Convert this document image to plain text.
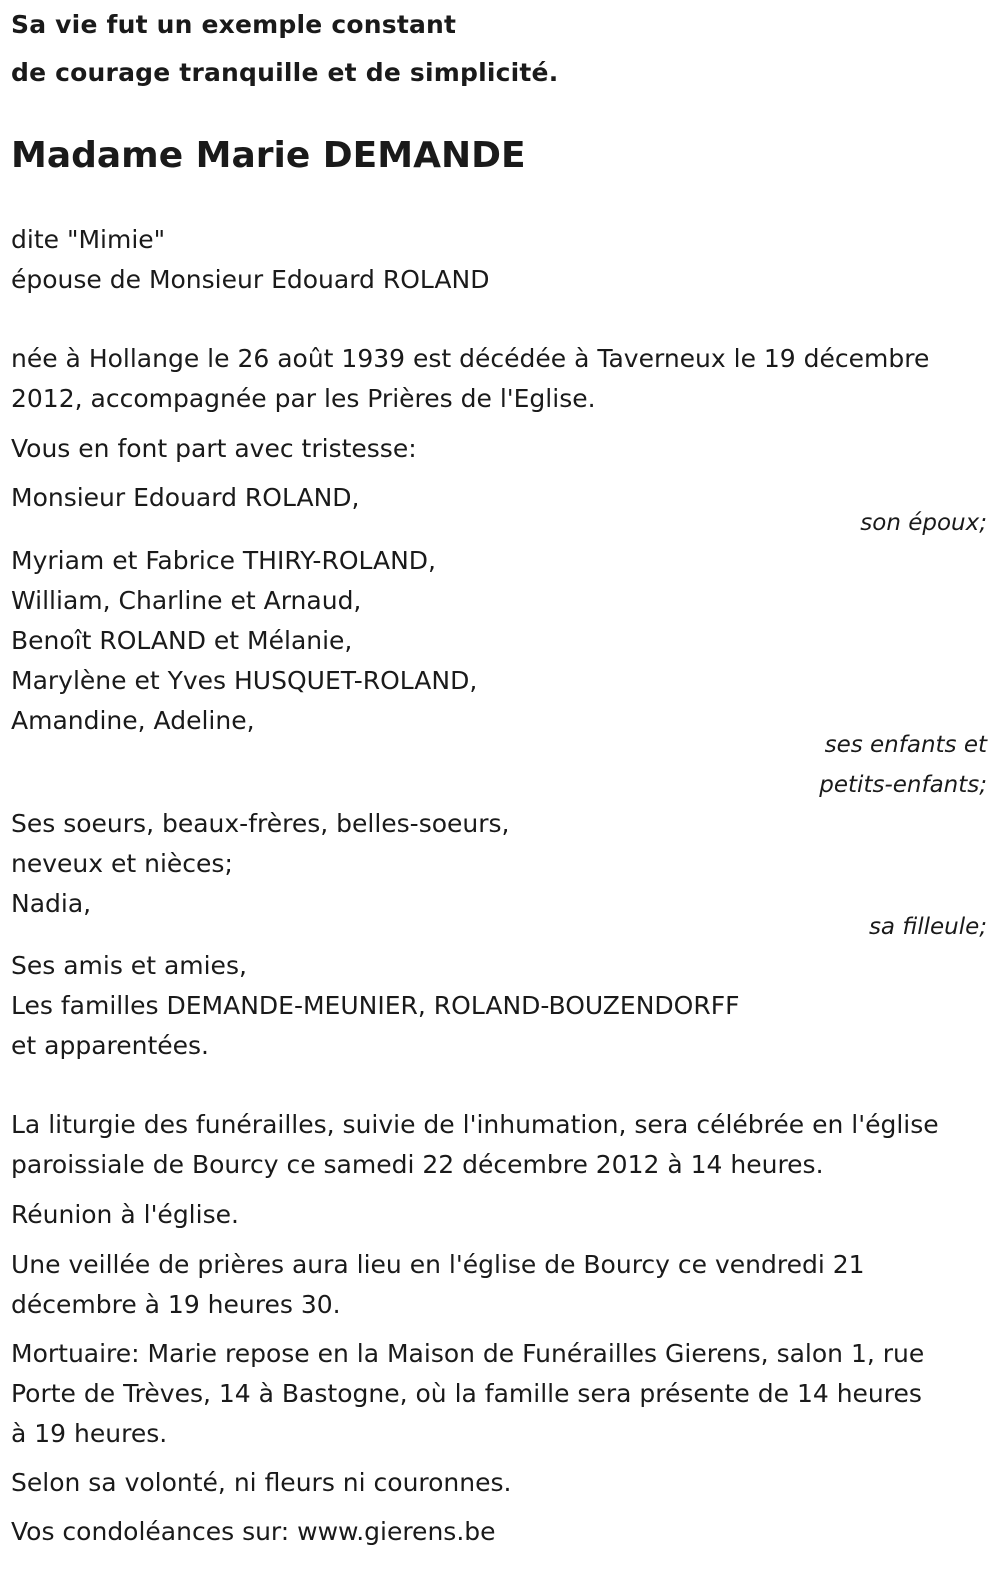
Sa vie fut un exemple constant
de courage tranquille et de simplicité.
Madame Marie DEMANDE
dite "Mimie"
épouse de Monsieur Edouard ROLAND
née à Hollange le 26 août 1939 est décédée à Taverneux le 19 décembre
2012, accompagnée par les Prières de l'Eglise.
Vous en font part avec tristesse:
Monsieur Edouard ROLAND,
son époux;
Myriam et Fabrice THIRY-ROLAND,
William, Charline et Arnaud,
Benoît ROLAND et Mélanie,
Marylène et Yves HUSQUET-ROLAND,
Amandine, Adeline,
ses enfants et
petits-enfants;
Ses soeurs, beaux-frères, belles-soeurs,
neveux et nièces;
Nadia,
sa filleule;
Ses amis et amies,
Les familles DEMANDE-MEUNIER, ROLAND-BOUZENDORFF
et apparentées.
La liturgie des funérailles, suivie de l'inhumation, sera célébrée en l'église
paroissiale de Bourcy ce samedi 22 décembre 2012 à 14 heures.
Réunion à l'église.
Une veillée de prières aura lieu en l'église de Bourcy ce vendredi 21
décembre à 19 heures 30.
Mortuaire: Marie repose en la Maison de Funérailles Gierens, salon 1, rue
Porte de Trèves, 14 à Bastogne, où la famille sera présente de 14 heures
à 19 heures.
Selon sa volonté, ni fleurs ni couronnes.
Vos condoléances sur: www.gierens.be
